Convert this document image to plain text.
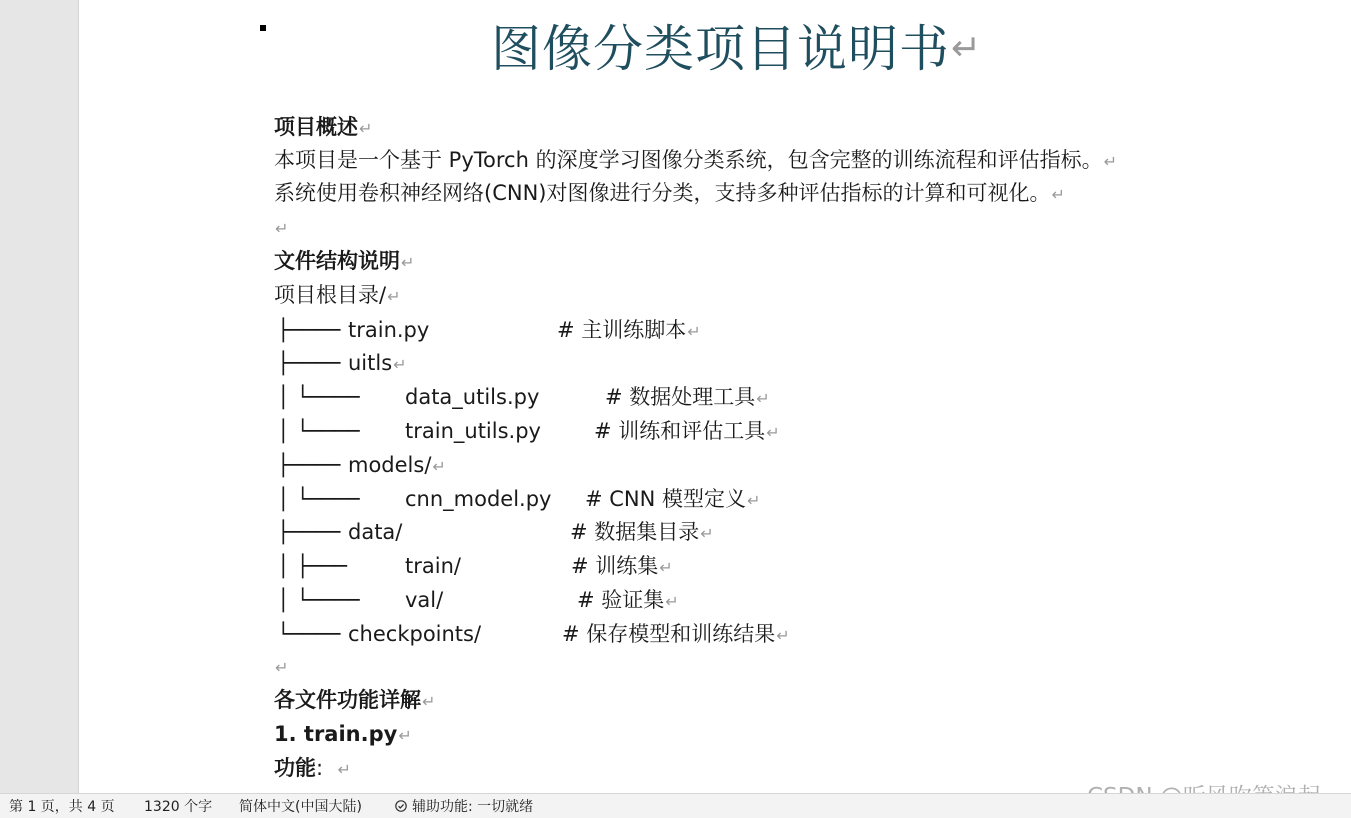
图像分类项目说明书↵
项目概述↵
本项目是一个基于 PyTorch 的深度学习图像分类系统，包含完整的训练流程和评估指标。↵
系统使用卷积神经网络(CNN)对图像进行分类，支持多种评估指标的计算和可视化。↵
↵
文件结构说明↵
项目根目录/↵
├──── train.py	# 主训练脚本↵
├──── uitls↵
│ └──── data_utils.py	# 数据处理工具↵
│ └──── train_utils.py	# 训练和评估工具↵
├──── models/↵
│ └──── cnn_model.py # CNN 模型定义↵
├──── data/	# 数据集目录↵
│ ├───	train/	# 训练集↵
│ └──── val/	# 验证集↵
└──── checkpoints/	# 保存模型和训练结果↵
↵
各文件功能详解↵
1. train.py↵
功能: ↵
第 1 页，共 4 页 1320 个字 简体中文(中国大陆)	辅助功能: 一切就绪
